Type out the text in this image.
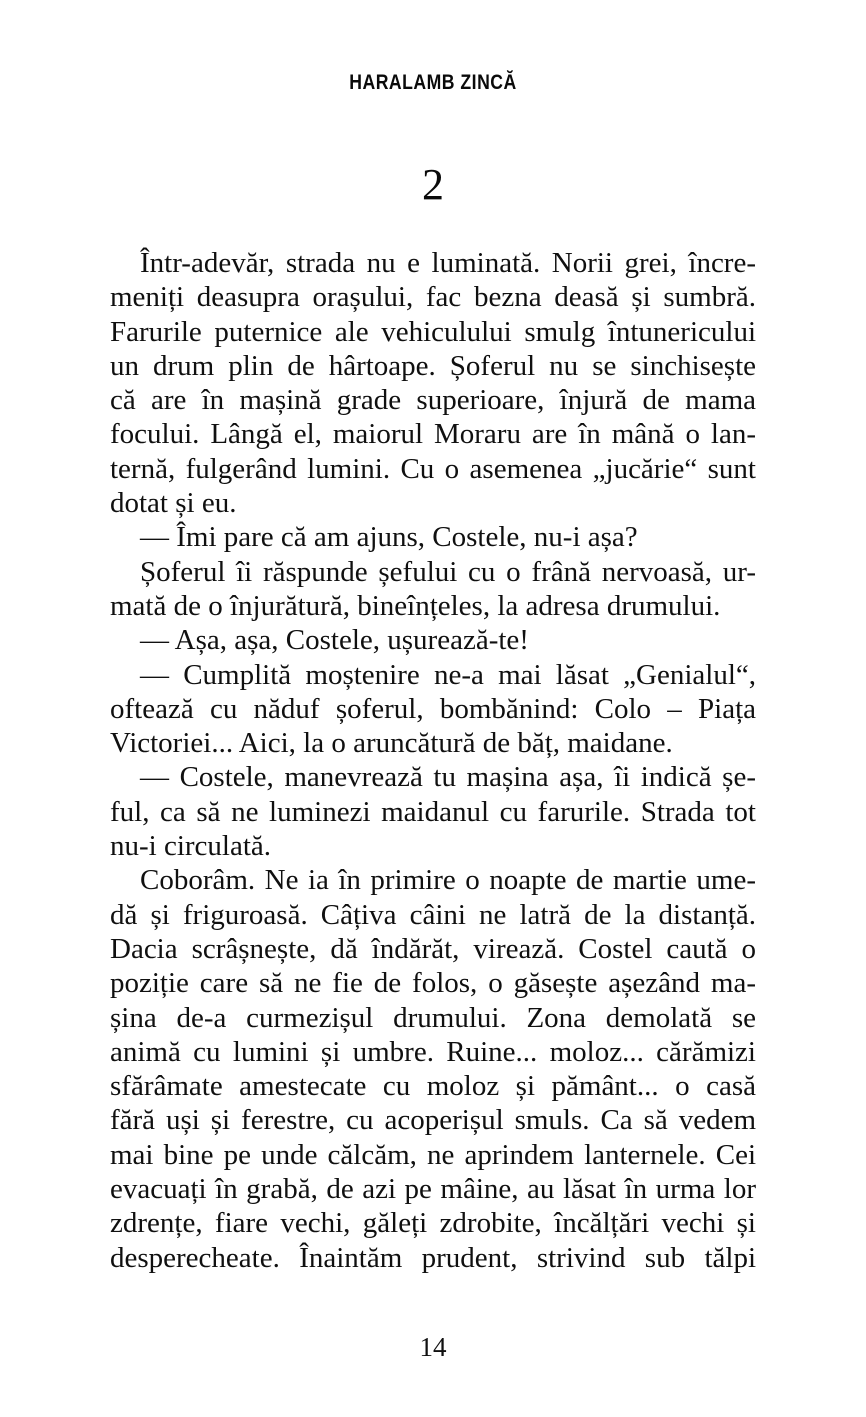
HARALAMB ZINCĂ
2
Într-adevăr, strada nu e luminată. Norii grei, încre-
meniți deasupra orașului, fac bezna deasă și sumbră.
Farurile puternice ale vehiculului smulg întunericului
un drum plin de hârtoape. Șoferul nu se sinchisește
că are în mașină grade superioare, înjură de mama
focului. Lângă el, maiorul Moraru are în mână o lan-
ternă, fulgerând lumini. Cu o asemenea „jucărie“ sunt
dotat și eu.
— Îmi pare că am ajuns, Costele, nu-i așa?
Șoferul îi răspunde șefului cu o frână nervoasă, ur-
mată de o înjurătură, bineînțeles, la adresa drumului.
— Așa, așa, Costele, ușurează-te!
— Cumplită moștenire ne-a mai lăsat „Genialul“,
oftează cu năduf șoferul, bombănind: Colo – Piața
Victoriei... Aici, la o aruncătură de băț, maidane.
— Costele, manevrează tu mașina așa, îi indică șe-
ful, ca să ne luminezi maidanul cu farurile. Strada tot
nu-i circulată.
Coborâm. Ne ia în primire o noapte de martie ume-
dă și friguroasă. Câțiva câini ne latră de la distanță.
Dacia scrâșnește, dă îndărăt, virează. Costel caută o
poziție care să ne fie de folos, o găsește așezând ma-
șina de-a curmezișul drumului. Zona demolată se
animă cu lumini și umbre. Ruine... moloz... cărămizi
sfărâmate amestecate cu moloz și pământ... o casă
fără uși și ferestre, cu acoperișul smuls. Ca să vedem
mai bine pe unde călcăm, ne aprindem lanternele. Cei
evacuați în grabă, de azi pe mâine, au lăsat în urma lor
zdrențe, fiare vechi, găleți zdrobite, încălțări vechi și
desperecheate. Înaintăm prudent, strivind sub tălpi
14
